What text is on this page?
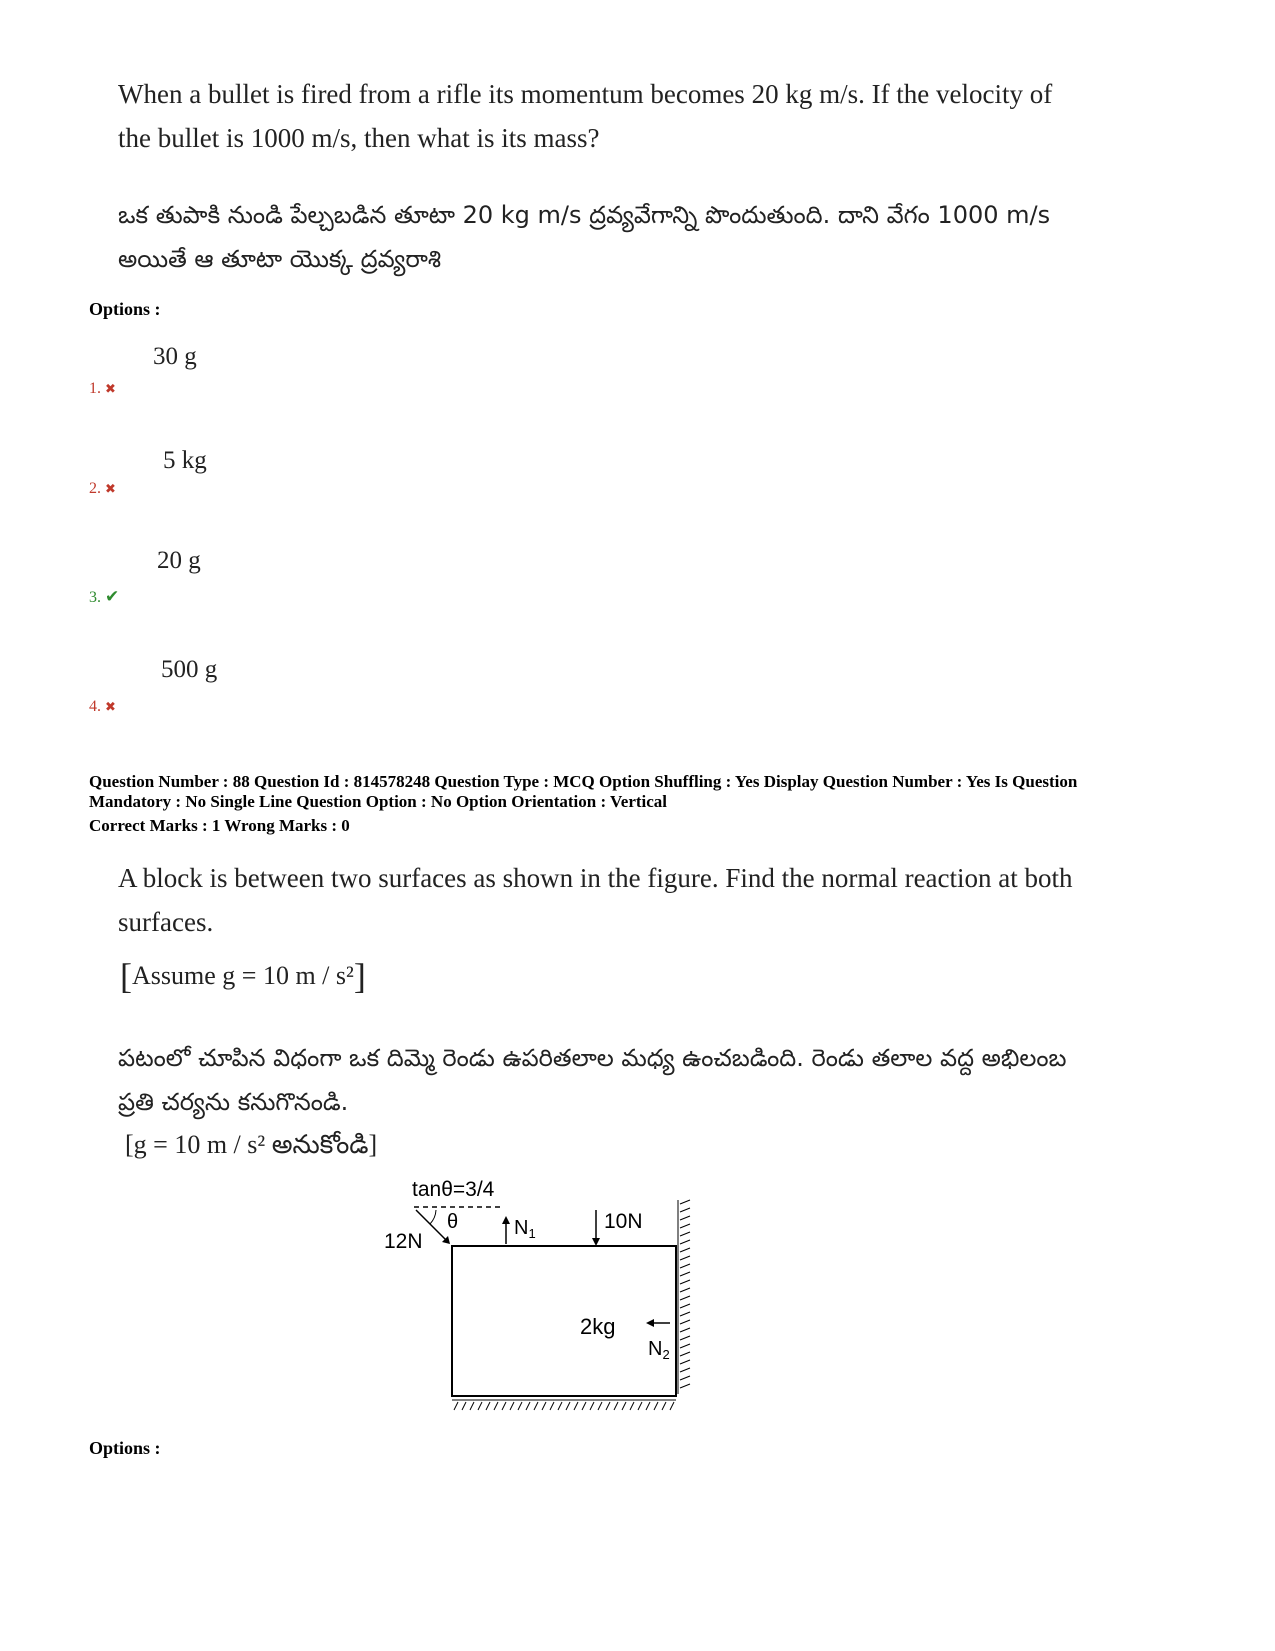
When a bullet is fired from a rifle its momentum becomes 20 kg m/s. If the velocity of
the bullet is 1000 m/s, then what is its mass?
ఒక తుపాకి నుండి పేల్చబడిన తూటా 20 kg m/s ద్రవ్యవేగాన్ని పొందుతుంది. దాని వేగం 1000 m/s
అయితే ఆ తూటా యొక్క ద్రవ్యరాశి
Options :
30 g
1. ✖
5 kg
2. ✖
20 g
3. ✔
500 g
4. ✖
Question Number : 88 Question Id : 814578248 Question Type : MCQ Option Shuffling : Yes Display Question Number : Yes Is Question
Mandatory : No Single Line Question Option : No Option Orientation : Vertical
Correct Marks : 1 Wrong Marks : 0
A block is between two surfaces as shown in the figure. Find the normal reaction at both
surfaces.
[Assume g = 10 m / s²]
పటంలో చూపిన విధంగా ఒక దిమ్మె రెండు ఉపరితలాల మధ్య ఉంచబడింది. రెండు తలాల వద్ద అభిలంబ
ప్రతి చర్యను కనుగొనండి.
[g = 10 m / s² అనుకోండి]
tanθ=3/4
θ
12N
$N_1$
10N
2kg
$N_2$
Options :
